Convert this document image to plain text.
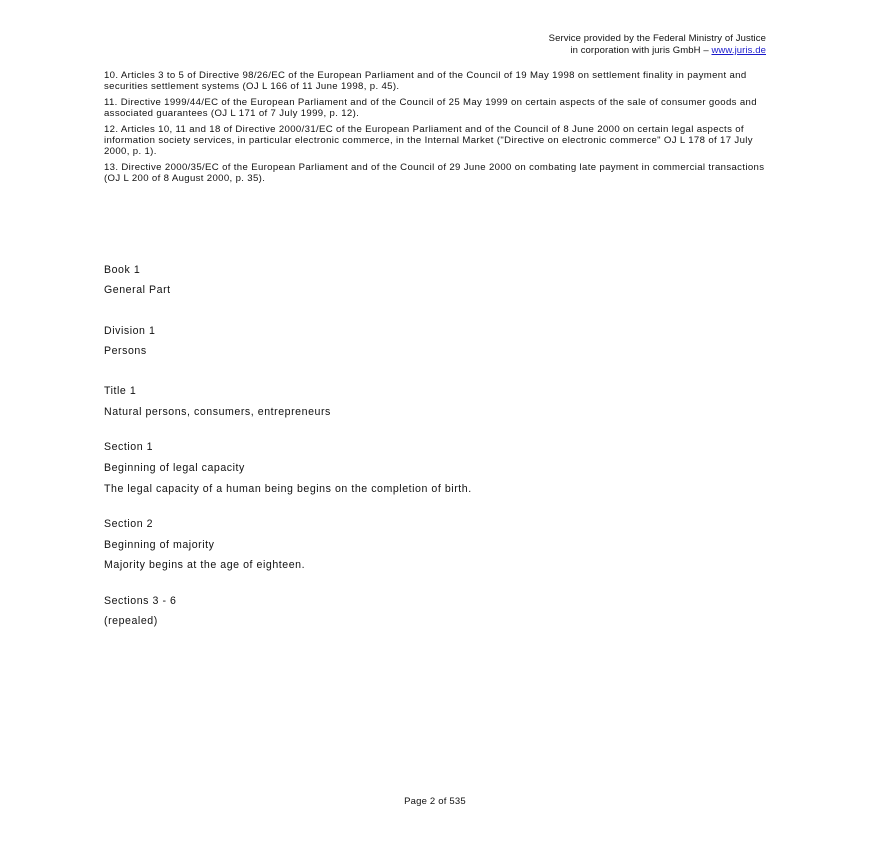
Service provided by the Federal Ministry of Justice
in corporation with juris GmbH – www.juris.de

10. Articles 3 to 5 of Directive 98/26/EC of the European Parliament and of the Council of 19 May 1998 on settlement finality in payment and securities settlement systems (OJ L 166 of 11 June 1998, p. 45).

11. Directive 1999/44/EC of the European Parliament and of the Council of 25 May 1999 on certain aspects of the sale of consumer goods and associated guarantees (OJ L 171 of 7 July 1999, p. 12).

12. Articles 10, 11 and 18 of Directive 2000/31/EC of the European Parliament and of the Council of 8 June 2000 on certain legal aspects of information society services, in particular electronic commerce, in the Internal Market ("Directive on electronic commerce" OJ L 178 of 17 July 2000, p. 1).

13. Directive 2000/35/EC of the European Parliament and of the Council of 29 June 2000 on combating late payment in commercial transactions (OJ L 200 of 8 August 2000, p. 35).

Book 1
General Part
Division 1
Persons
Title 1
Natural persons, consumers, entrepreneurs
Section 1
Beginning of legal capacity
The legal capacity of a human being begins on the completion of birth.
Section 2
Beginning of majority
Majority begins at the age of eighteen.
Sections 3 - 6
(repealed)
Page 2 of 535
